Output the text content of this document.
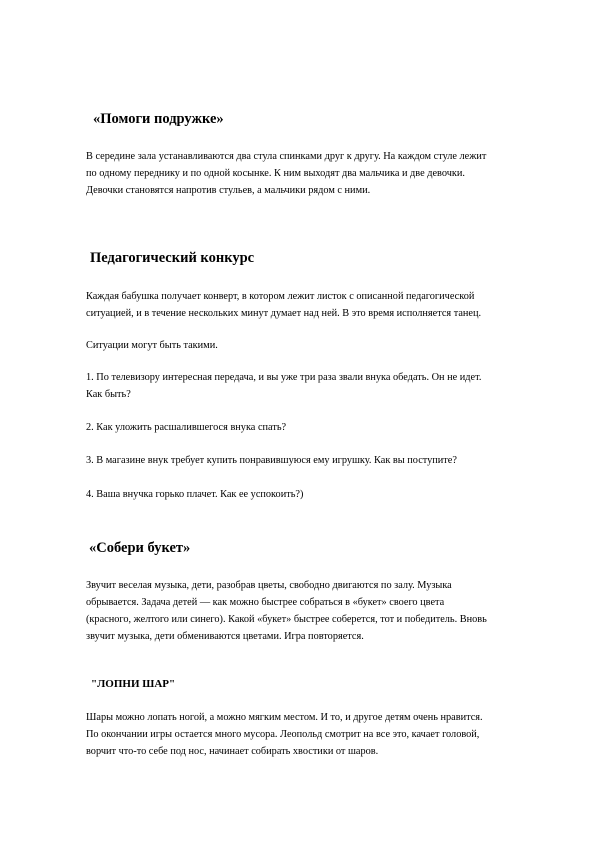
«Помоги подружке»
В середине зала устанавливаются два стула спинками друг к другу. На каждом стуле лежит
по одному переднику и по одной косынке. К ним выходят два мальчика и две девочки.
Девочки становятся напротив стульев, а мальчики рядом с ними.
Педагогический конкурс
Каждая бабушка получает конверт, в котором лежит листок с описанной педагогической
ситуацией, и в течение нескольких минут думает над ней. В это время исполняется танец.
Ситуации могут быть такими.
1. По телевизору интересная передача, и вы уже три раза звали внука обедать. Он не идет.
Как быть?
2. Как уложить расшалившегося внука спать?
3. В магазине внук требует купить понравившуюся ему игрушку. Как вы поступите?
4. Ваша внучка горько плачет. Как ее успокоить?)
«Собери букет»
Звучит веселая музыка, дети, разобрав цветы, свободно двигаются по залу. Музыка
обрывается. Задача детей — как можно быстрее собраться в «букет» своего цвета
(красного, желтого или синего). Какой «букет» быстрее соберется, тот и победитель. Вновь
звучит музыка, дети обмениваются цветами. Игра повторяется.
"ЛОПНИ ШАР"
Шары можно лопать ногой, а можно мягким местом. И то, и другое детям очень нравится.
По окончании игры остается много мусора. Леопольд смотрит на все это, качает головой,
ворчит что-то себе под нос, начинает собирать хвостики от шаров.
